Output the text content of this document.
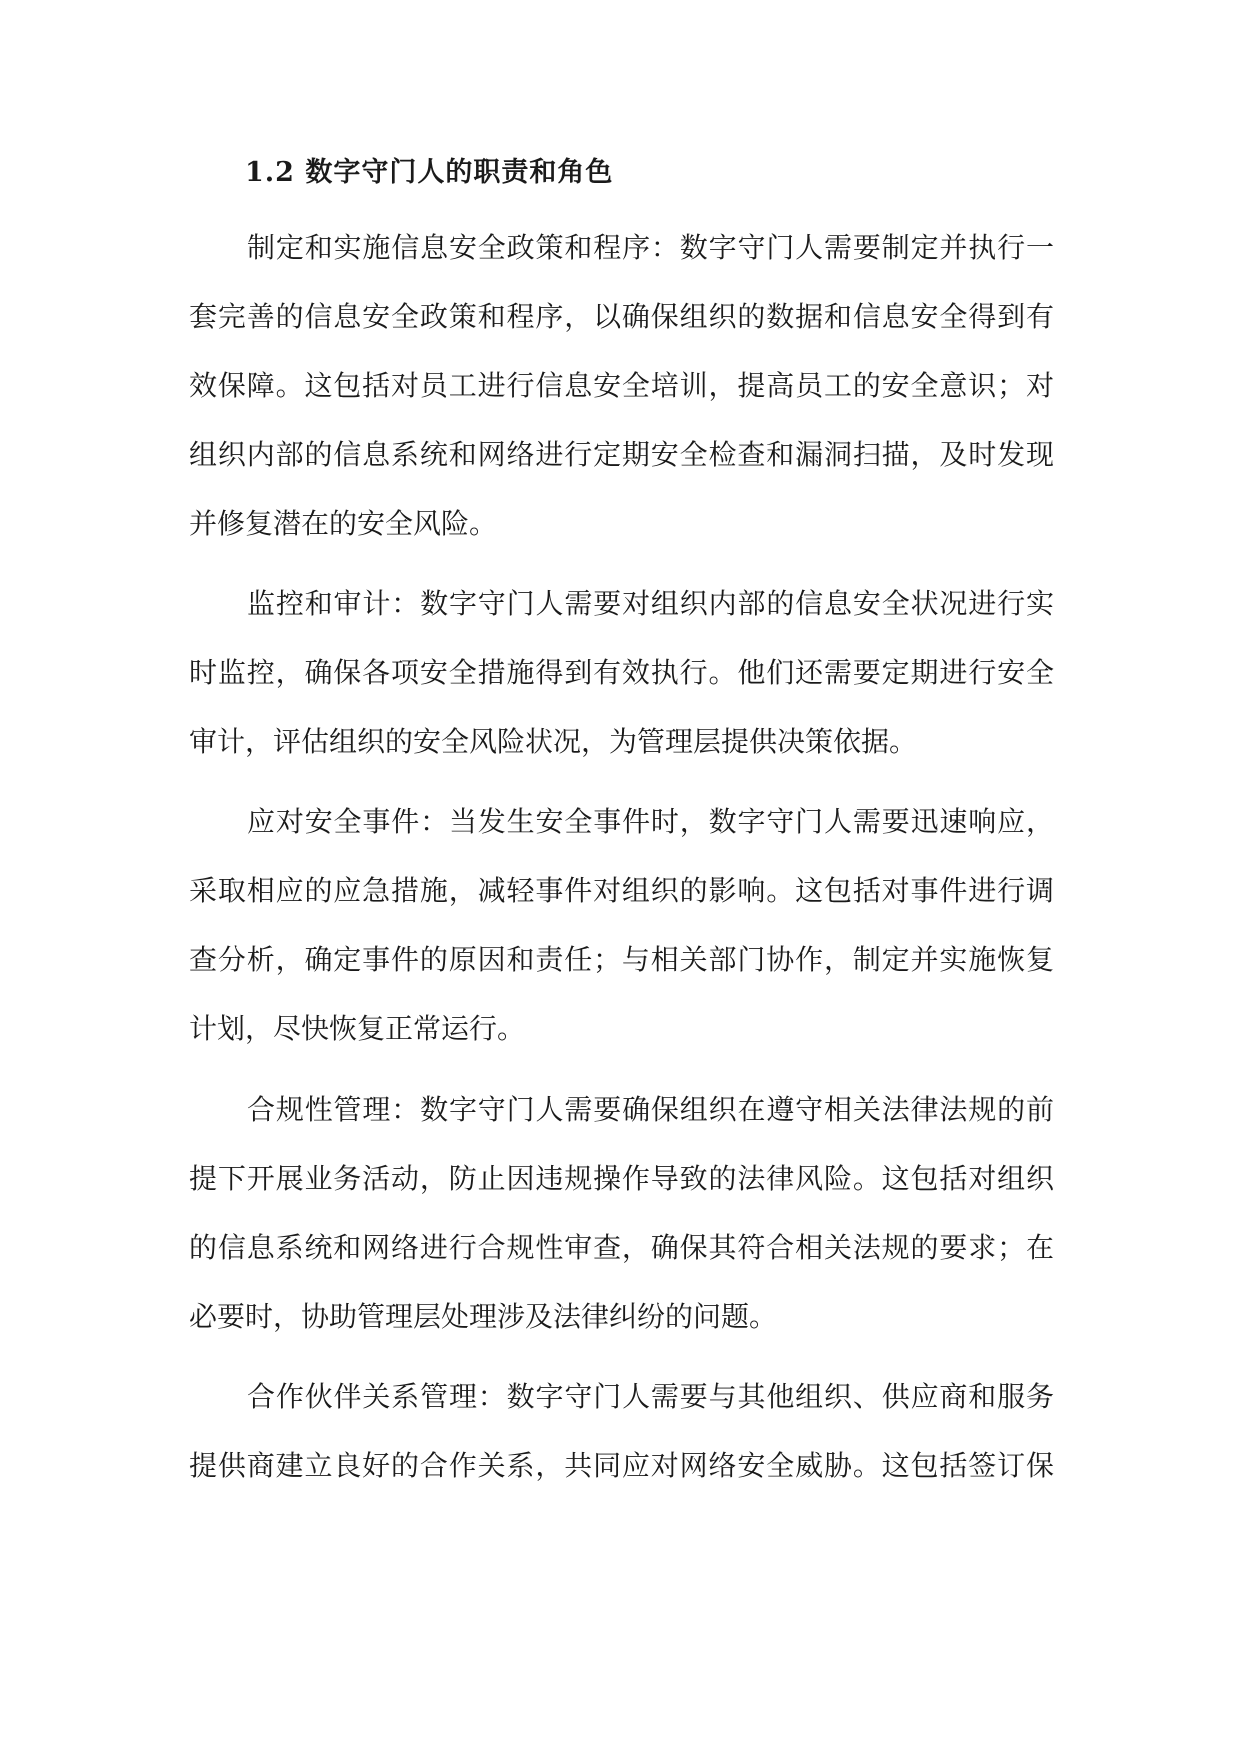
1.2 数字守门人的职责和角色
制定和实施信息安全政策和程序：数字守门人需要制定并执行一
套完善的信息安全政策和程序，以确保组织的数据和信息安全得到有
效保障。这包括对员工进行信息安全培训，提高员工的安全意识；对
组织内部的信息系统和网络进行定期安全检查和漏洞扫描，及时发现
并修复潜在的安全风险。
监控和审计：数字守门人需要对组织内部的信息安全状况进行实
时监控，确保各项安全措施得到有效执行。他们还需要定期进行安全
审计，评估组织的安全风险状况，为管理层提供决策依据。
应对安全事件：当发生安全事件时，数字守门人需要迅速响应，
采取相应的应急措施，减轻事件对组织的影响。这包括对事件进行调
查分析，确定事件的原因和责任；与相关部门协作，制定并实施恢复
计划，尽快恢复正常运行。
合规性管理：数字守门人需要确保组织在遵守相关法律法规的前
提下开展业务活动，防止因违规操作导致的法律风险。这包括对组织
的信息系统和网络进行合规性审查，确保其符合相关法规的要求；在
必要时，协助管理层处理涉及法律纠纷的问题。
合作伙伴关系管理：数字守门人需要与其他组织、供应商和服务
提供商建立良好的合作关系，共同应对网络安全威胁。这包括签订保
